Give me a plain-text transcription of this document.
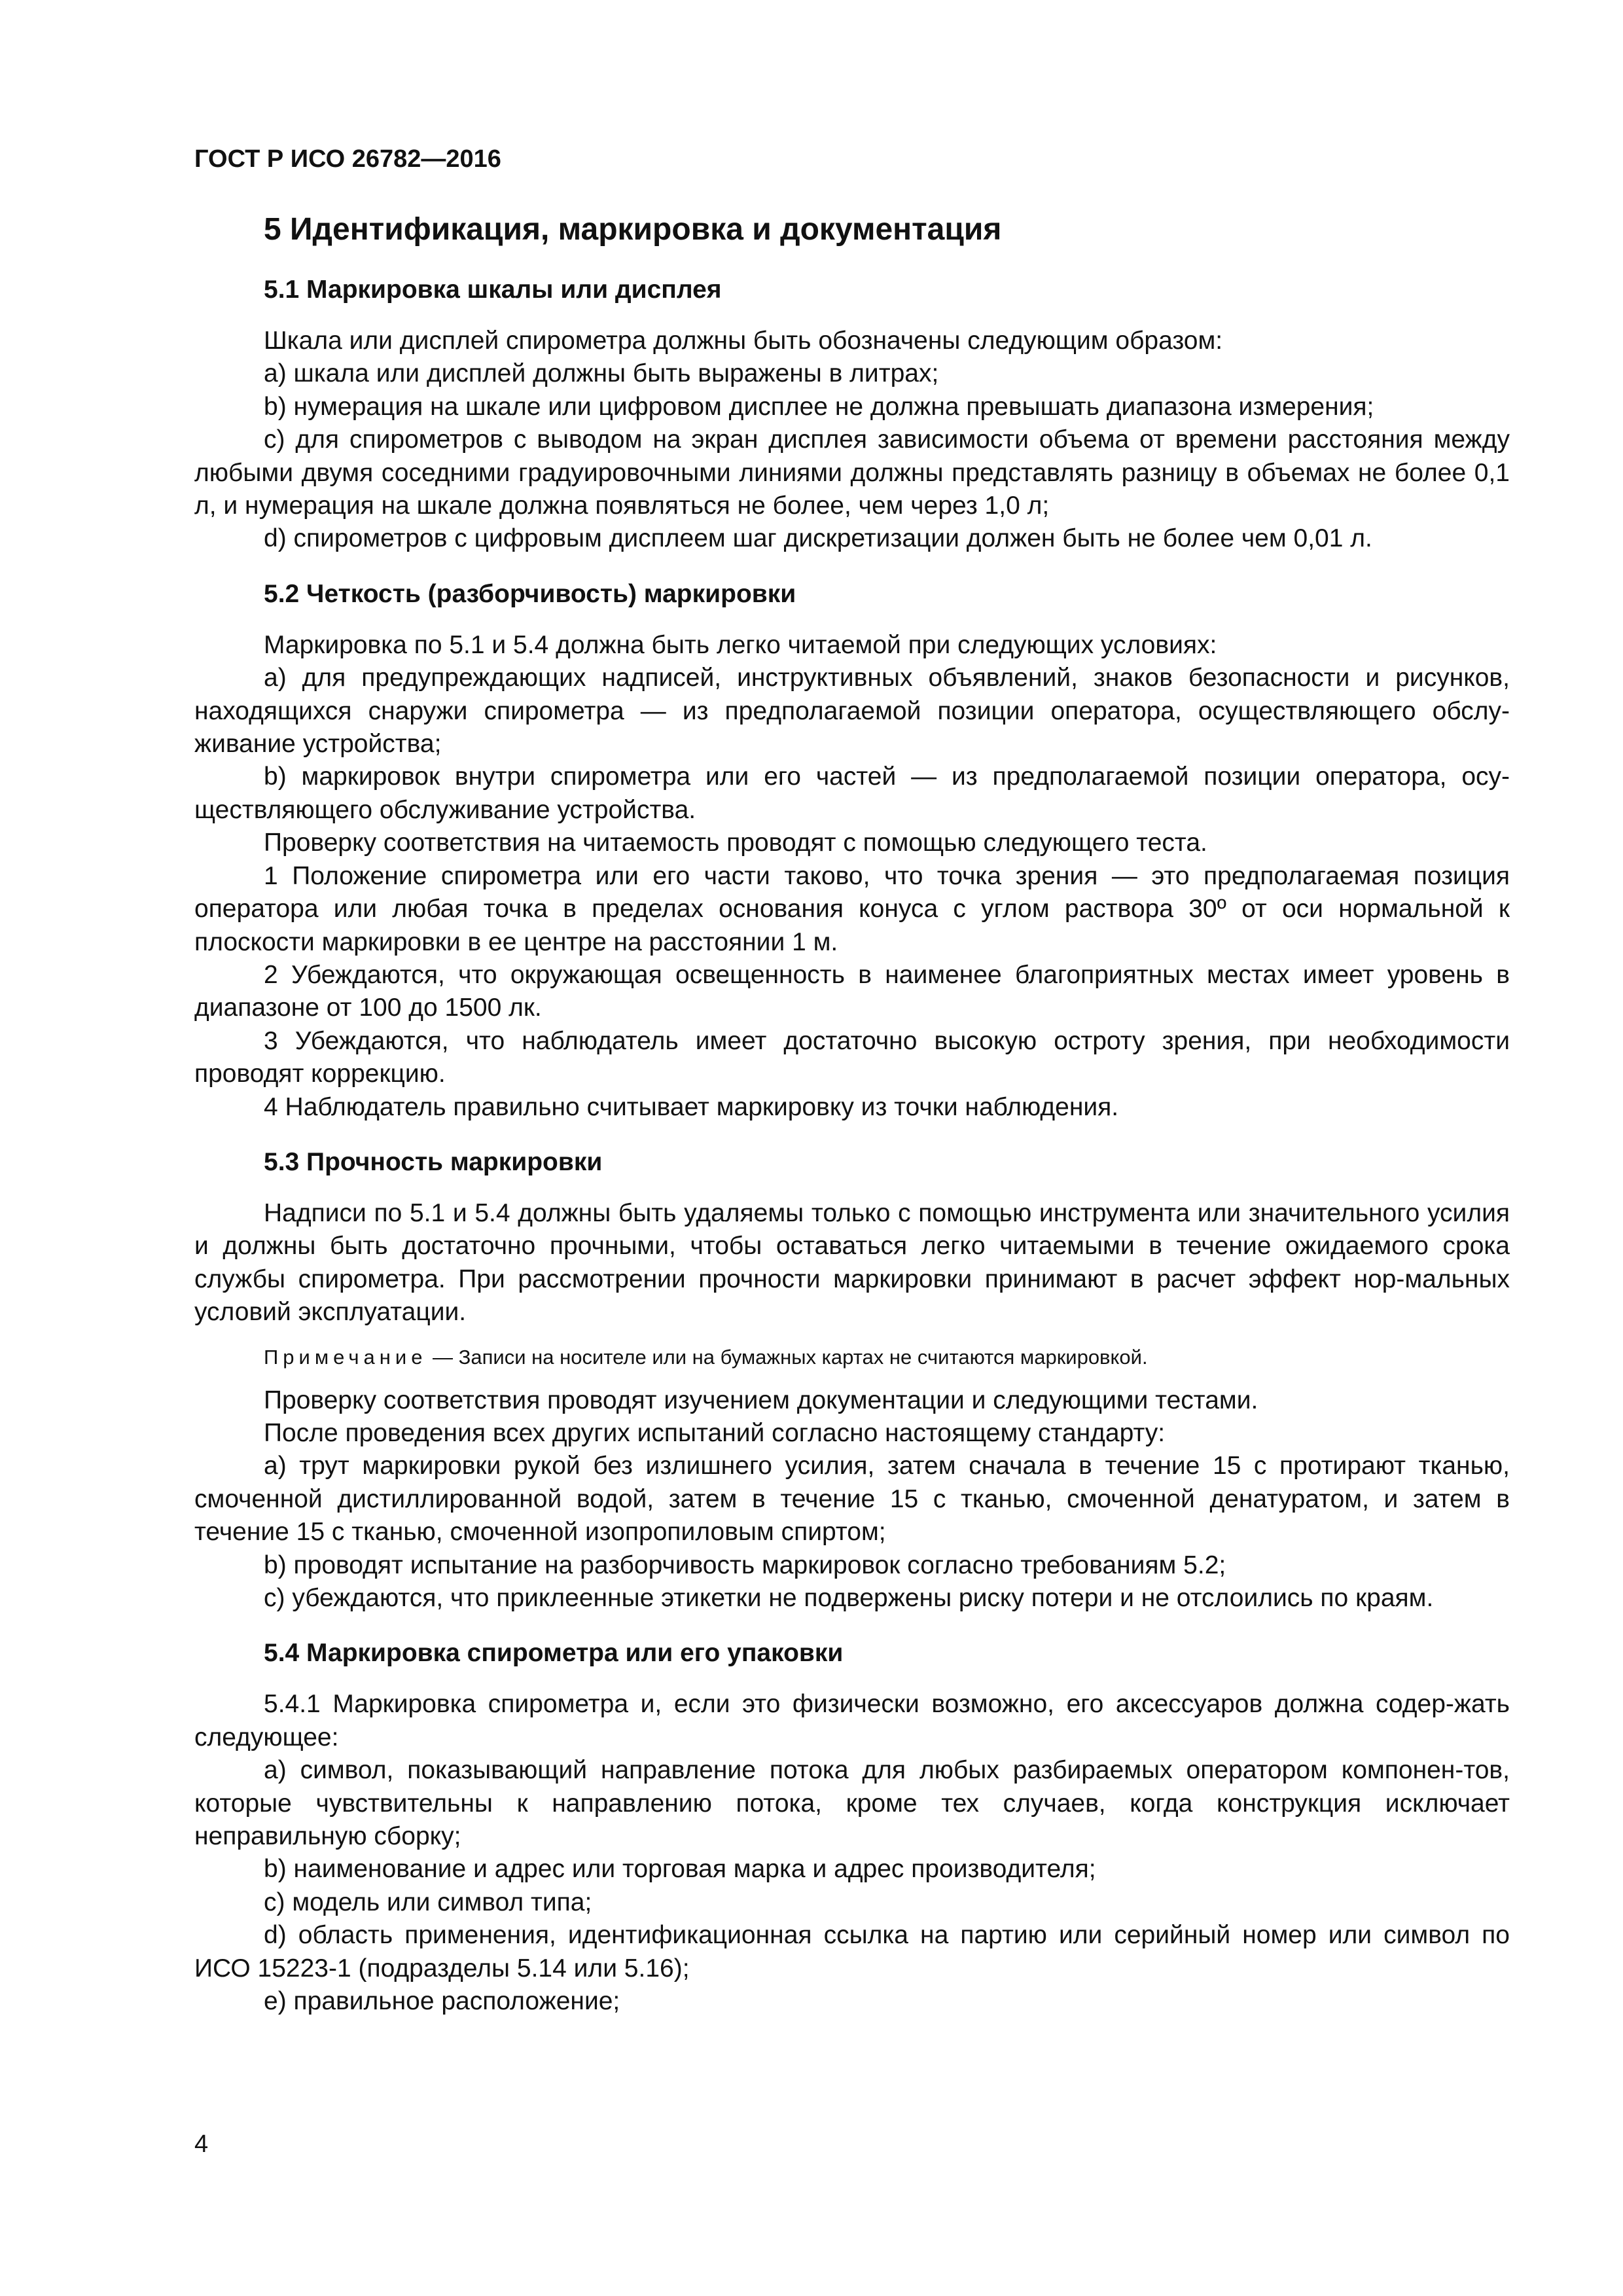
ГОСТ Р ИСО 26782—2016
5 Идентификация, маркировка и документация
5.1 Маркировка шкалы или дисплея

Шкала или дисплей спирометра должны быть обозначены следующим образом:

a) шкала или дисплей должны быть выражены в литрах;

b) нумерация на шкале или цифровом дисплее не должна превышать диапазона измерения;

c) для спирометров с выводом на экран дисплея зависимости объема от времени расстояния между любыми двумя соседними градуировочными линиями должны представлять разницу в объемах не более 0,1 л, и нумерация на шкале должна появляться не более, чем через 1,0 л;

d) спирометров с цифровым дисплеем шаг дискретизации должен быть не более чем 0,01 л.

5.2 Четкость (разборчивость) маркировки

Маркировка по 5.1 и 5.4 должна быть легко читаемой при следующих условиях:

a) для предупреждающих надписей, инструктивных объявлений, знаков безопасности и рисунков, находящихся снаружи спирометра — из предполагаемой позиции оператора, осуществляющего обслу-живание устройства;

b) маркировок внутри спирометра или его частей — из предполагаемой позиции оператора, осу-ществляющего обслуживание устройства.

Проверку соответствия на читаемость проводят с помощью следующего теста.

1 Положение спирометра или его части таково, что точка зрения — это предполагаемая позиция оператора или любая точка в пределах основания конуса с углом раствора 30º от оси нормальной к плоскости маркировки в ее центре на расстоянии 1 м.

2 Убеждаются, что окружающая освещенность в наименее благоприятных местах имеет уровень в диапазоне от 100 до 1500 лк.

3 Убеждаются, что наблюдатель имеет достаточно высокую остроту зрения, при необходимости проводят коррекцию.

4 Наблюдатель правильно считывает маркировку из точки наблюдения.

5.3 Прочность маркировки

Надписи по 5.1 и 5.4 должны быть удаляемы только с помощью инструмента или значительного усилия и должны быть достаточно прочными, чтобы оставаться легко читаемыми в течение ожидаемого срока службы спирометра. При рассмотрении прочности маркировки принимают в расчет эффект нор-мальных условий эксплуатации.

Примечание — Записи на носителе или на бумажных картах не считаются маркировкой.

Проверку соответствия проводят изучением документации и следующими тестами.

После проведения всех других испытаний согласно настоящему стандарту:

a) трут маркировки рукой без излишнего усилия, затем сначала в течение 15 с протирают тканью, смоченной дистиллированной водой, затем в течение 15 с тканью, смоченной денатуратом, и затем в течение 15 с тканью, смоченной изопропиловым спиртом;

b) проводят испытание на разборчивость маркировок согласно требованиям 5.2;

c) убеждаются, что приклеенные этикетки не подвержены риску потери и не отслоились по краям.

5.4 Маркировка спирометра или его упаковки

5.4.1 Маркировка спирометра и, если это физически возможно, его аксессуаров должна содер-жать следующее:

a) символ, показывающий направление потока для любых разбираемых оператором компонен-тов, которые чувствительны к направлению потока, кроме тех случаев, когда конструкция исключает неправильную сборку;

b) наименование и адрес или торговая марка и адрес производителя;

c) модель или символ типа;

d) область применения, идентификационная ссылка на партию или серийный номер или символ по ИСО 15223-1 (подразделы 5.14 или 5.16);

e) правильное расположение;

4
